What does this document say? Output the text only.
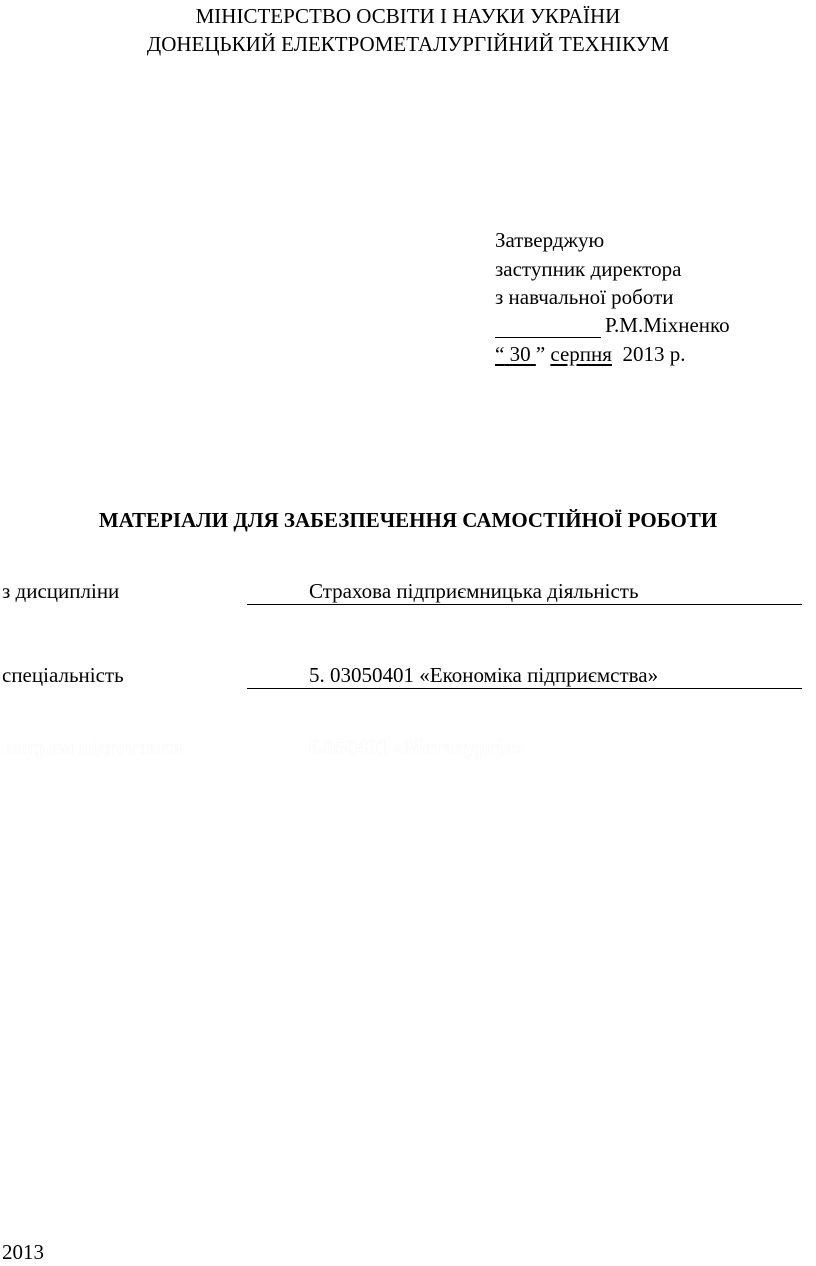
МІНІСТЕРСТВО ОСВІТИ І НАУКИ УКРАЇНИ
ДОНЕЦЬКИЙ ЕЛЕКТРОМЕТАЛУРГІЙНИЙ ТЕХНІКУМ
Затверджую
заступник директора
з навчальної роботи
Р.М.Міхненко
“ 30 ” серпня 2013 р.
МАТЕРІАЛИ ДЛЯ ЗАБЕЗПЕЧЕННЯ САМОСТІЙНОЇ РОБОТИ
з дисципліни	Страхова підприємницька діяльність
спеціальність	5. 03050401 «Економіка підприємства»
напрям підготовки	6.050401 «Металургія»
2013
